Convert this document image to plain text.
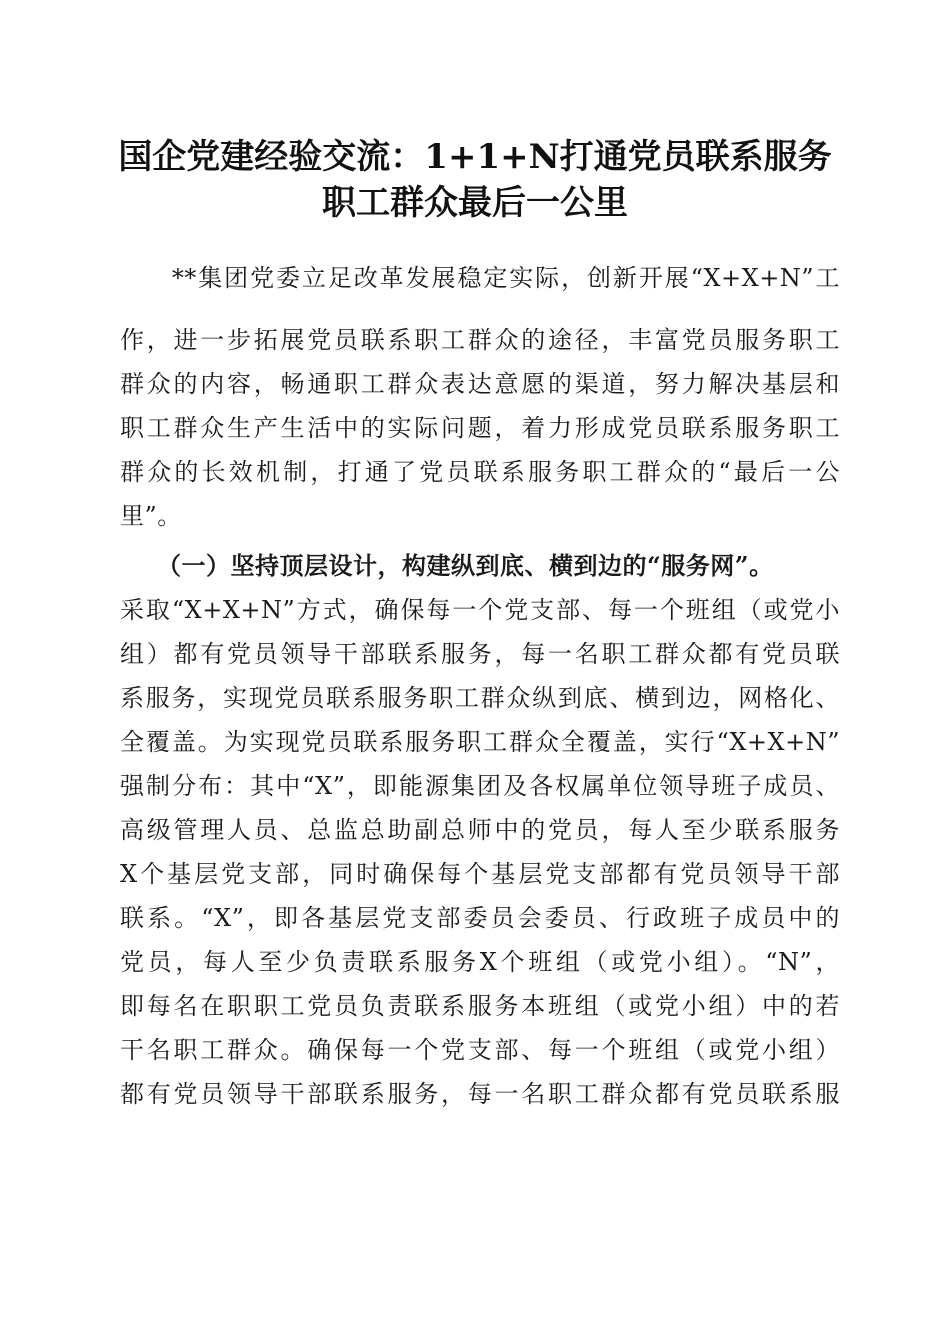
国企党建经验交流：1+1+N打通党员联系服务
职工群众最后一公里
　　**集团党委立足改革发展稳定实际，创新开展“X+X+N”工
作，进一步拓展党员联系职工群众的途径，丰富党员服务职工
群众的内容，畅通职工群众表达意愿的渠道，努力解决基层和
职工群众生产生活中的实际问题，着力形成党员联系服务职工
群众的长效机制，打通了党员联系服务职工群众的“最后一公
里”。
　　（一）坚持顶层设计，构建纵到底、横到边的“服务网”。
采取“X+X+N”方式，确保每一个党支部、每一个班组（或党小
组）都有党员领导干部联系服务，每一名职工群众都有党员联
系服务，实现党员联系服务职工群众纵到底、横到边，网格化、
全覆盖。为实现党员联系服务职工群众全覆盖，实行“X+X+N”
强制分布：其中“X”，即能源集团及各权属单位领导班子成员、
高级管理人员、总监总助副总师中的党员，每人至少联系服务
X个基层党支部，同时确保每个基层党支部都有党员领导干部
联系。“X”，即各基层党支部委员会委员、行政班子成员中的
党员，每人至少负责联系服务X个班组（或党小组）。“N”，
即每名在职职工党员负责联系服务本班组（或党小组）中的若
干名职工群众。确保每一个党支部、每一个班组（或党小组）
都有党员领导干部联系服务，每一名职工群众都有党员联系服
